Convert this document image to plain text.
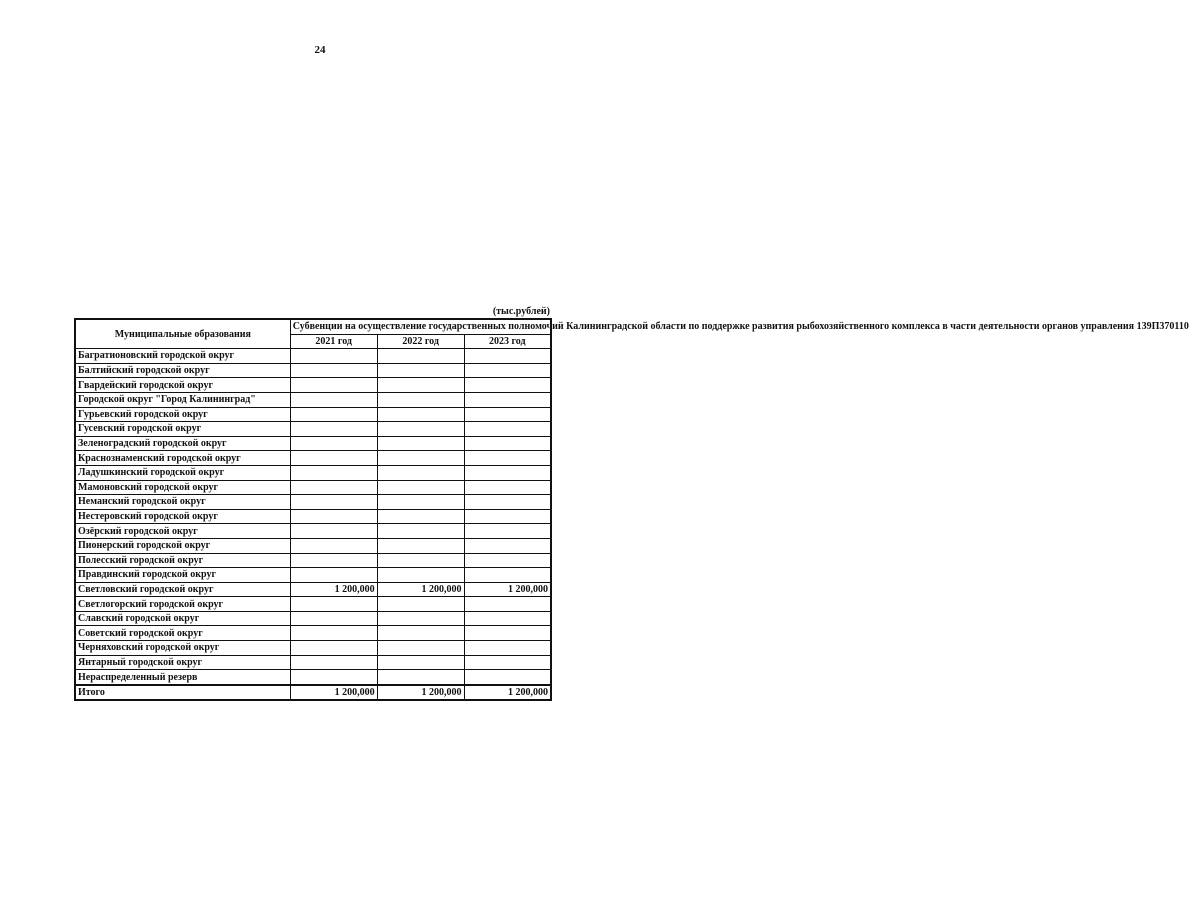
24
(тыс.рублей)
Муниципальные образования	Субвенции на осуществление государственных полномочий Калининградской области по поддержке развития рыбохозяйственного комплекса в части деятельности органов управления 139П370110		
	2021 год	2022 год	2023 год
Багратионовский городской округ			
Балтийский городской округ			
Гвардейский городской округ			
Городской округ "Город Калининград"			
Гурьевский городской округ			
Гусевский городской округ			
Зеленоградский городской округ			
Краснознаменский городской округ			
Ладушкинский городской округ			
Мамоновский городской округ			
Неманский городской округ			
Нестеровский городской округ			
Озёрский городской округ			
Пионерский городской округ			
Полесский городской округ			
Правдинский городской округ			
Светловский городской округ	1 200,000	1 200,000	1 200,000
Светлогорский городской округ			
Славский городской округ			
Советский городской округ			
Черняховский городской округ			
Янтарный городской округ			
Нераспределенный резерв			
Итого	1 200,000	1 200,000	1 200,000
